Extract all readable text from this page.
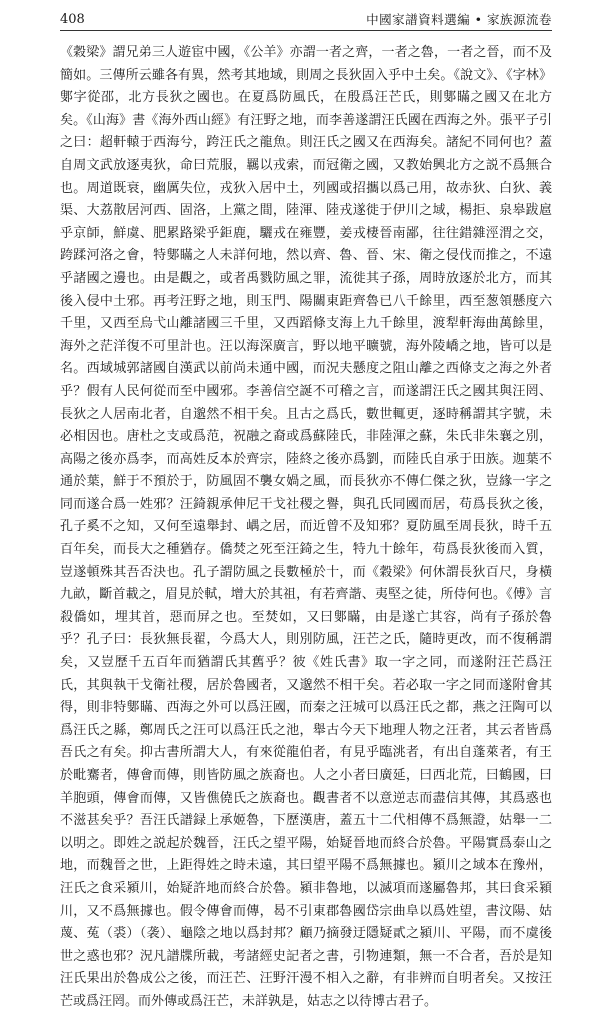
408	中國家譜資料選編 • 家族源流卷

《穀梁》謂兄弟三人遊宦中國，《公羊》亦謂一者之齊，一者之魯，一者之晉，而不及簡如。三傳所云雖各有異，然考其地域，則周之長狄固入乎中土矣。《說文》、《字林》鄋字從邵，北方長狄之國也。在夏爲防風氏，在殷爲汪芒氏，則鄋瞞之國又在北方矣。《山海》書《海外西山經》有汪野之地，而李善遂謂汪氏國在西海之外。張平子引之曰：超軒轅于西海兮，跨汪氏之龍魚。則汪氏之國又在西海矣。諸紀不同何也？蓋自周文武放逐夷狄，命曰荒服，羈以戎索，而冠衛之國，又教始興北方之説不爲無合也。周道既衰，幽厲失位，戎狄入居中土，列國或招攜以爲己用，故赤狄、白狄、義渠、大荔散居河西、固洛，上黨之間，陸渾、陸戎遂徙于伊川之域，楊拒、泉皋跋扈乎京師，鮮虞、肥累路梁乎鉅鹿，驪戎在雍豐，姜戎棲晉南鄙，往往錯雜涇渭之交，跨蹂河洛之會，特鄋瞞之人未詳何地，然以齊、魯、晉、宋、衛之侵伐而推之，不遠乎諸國之邊也。由是觀之，或者禹戮防風之罪，流徙其子孫，周時放逐於北方，而其後入侵中土邪。再考汪野之地，則玉門、陽關東距齊魯已八千餘里，西至葱領懸度六千里，又西至烏弋山離諸國三千里，又西蹈條支海上九千餘里，渡犁軒海曲萬餘里，海外之茫洋復不可里計也。汪以海深廣言，野以地平曠號，海外陵嶠之地，皆可以是名。西域城郭諸國自漢武以前尚未通中國，而況夫懸度之阻山離之西條支之海之外者乎？假有人民何從而至中國邪。李善信空誕不可稽之言，而遂謂汪氏之國其與汪罔、長狄之人居南北者，自邈然不相干矣。且古之爲氏，數世輒更，逐時稱謂其字號，未必相因也。唐杜之支或爲范，祝融之裔或爲蘇陸氏，非陸渾之蘇，朱氏非朱襄之別，高陽之後亦爲李，而高姓反本於齊宗，陸終之後亦爲劉，而陸氏自承于田族。迦葉不通於葉，鮮于不預於于，防風固不襲女媧之風，而長狄亦不傳仁傑之狄，豈緣一字之同而遂合爲一姓邪？汪錡親承伸尼干戈社稷之譽，與孔氏同國而居，苟爲長狄之後，孔子奚不之知，又何至遠舉封、嵎之居，而近曾不及知邪？夏防風至周長狄，時千五百年矣，而長大之種猶存。僑焚之死至汪錡之生，特九十餘年，苟爲長狄後而入質，豈遂頓殊其吾否決也。孔子謂防風之長數極於十，而《穀梁》何休謂長狄百尺，身橫九畝，斷首載之，眉見於軾，增大於其祖，有若齊諧、夷堅之徒，所侍何也。《傅》言殺僑如，埋其首，惡而屏之也。至焚如，又曰鄋瞞，由是遂亡其容，尚有子孫於魯乎？孔子曰：長狄無長翟，今爲大人，則別防風，汪芒之氏，隨時更改，而不復稱謂矣，又豈歷千五百年而猶謂氏其舊乎？彼《姓氏書》取一字之同，而遂附汪芒爲汪氏，其與執干戈衛社稷，居於魯國者，又邈然不相干矣。若必取一字之同而遂附會其得，則非特鄋瞞、西海之外可以爲汪國，而秦之汪城可以爲汪氏之都，燕之汪陶可以爲汪氏之縣，鄭周氏之汪可以爲汪氏之池，舉古今天下地理人物之汪者，其云者皆爲吾氏之有矣。抑古書所謂大人，有來從龍伯者，有見乎臨洮者，有出自蓬萊者，有王於毗騫者，傳會而傳，則皆防風之族裔也。人之小者曰廣延，曰西北荒，曰鶴國，曰羊胞頭，傳會而傳，又皆僬僥氏之族裔也。觀書者不以意逆志而盡信其傳，其爲惑也不滋甚矣乎？吾汪氏譜録上承姬魯，下歷漢唐，蓋五十二代相傳不爲無證，姑舉一二以明之。即姓之説起於魏晉，汪氏之望平陽，始疑晉地而終合於魯。平陽實爲泰山之地，而魏晉之世，上距得姓之時未遠，其曰望平陽不爲無據也。潁川之域本在豫州，汪氏之食采潁川，始疑許地而終合於魯。潁非魯地，以滅項而遂屬魯邦，其曰食采潁川，又不爲無據也。假令傳會而傳，曷不引東郡魯國岱宗曲阜以爲姓望，書汶陽、姑蔑、菟（裘）（袭）、龜陰之地以爲封邦？顧乃摘發迂隱疑貳之潁川、平陽，而不虞後世之惑也邪？況凡譜牒所載，考諸經史記者之書，引物連類，無一不合者，吾於是知汪氏果出於魯成公之後，而汪芒、汪野汗漫不相入之辭，有非辨而自明者矣。又按汪芒或爲汪罔。而外傳或爲汪芒，未詳孰是，姑志之以待博古君子。
